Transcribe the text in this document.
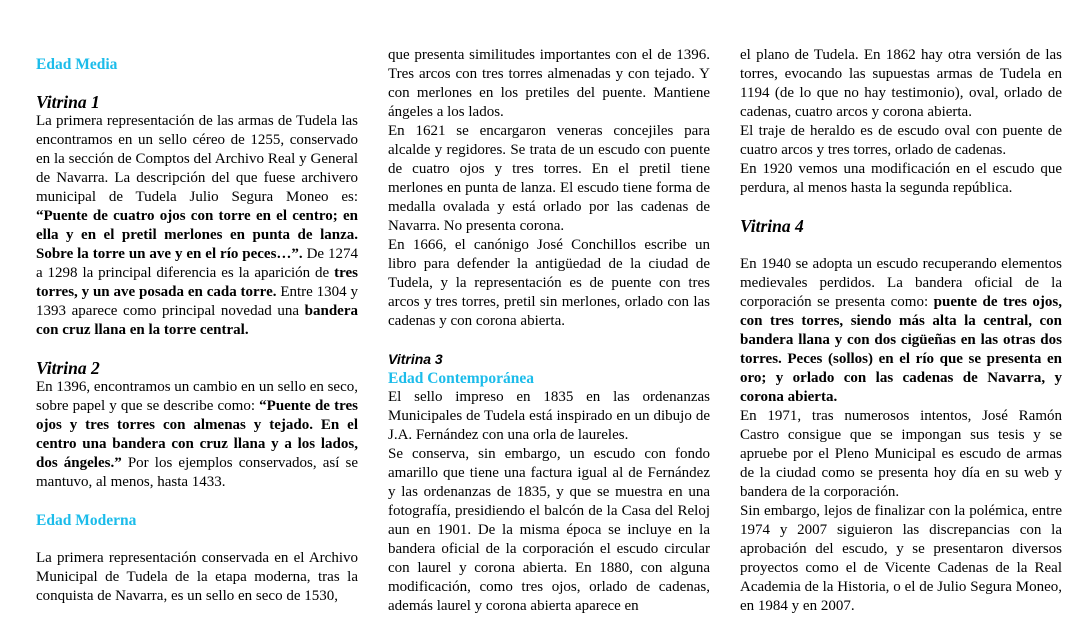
Edad Media
Vitrina 1

La primera representación de las armas de Tudela las encontramos en un sello céreo de 1255, conservado en la sección de Comptos del Archivo Real y General de Navarra. La descripción del que fuese archivero municipal de Tudela Julio Segura Moneo es: “Puente de cuatro ojos con torre en el centro; en ella y en el pretil merlones en punta de lanza. Sobre la torre un ave y en el río peces…”. De 1274 a 1298 la principal diferencia es la aparición de tres torres, y un ave posada en cada torre. Entre 1304 y 1393 aparece como principal novedad una bandera con cruz llana en la torre central.

Vitrina 2

En 1396, encontramos un cambio en un sello en seco, sobre papel y que se describe como: “Puente de tres ojos y tres torres con almenas y tejado. En el centro una bandera con cruz llana y a los lados, dos ángeles.” Por los ejemplos conservados, así se mantuvo, al menos, hasta 1433.

Edad Moderna

La primera representación conservada en el Archivo Municipal de Tudela de la etapa moderna, tras la conquista de Navarra, es un sello en seco de 1530,

que presenta similitudes importantes con el de 1396. Tres arcos con tres torres almenadas y con tejado. Y con merlones en los pretiles del puente. Mantiene ángeles a los lados.

En 1621 se encargaron veneras concejiles para alcalde y regidores. Se trata de un escudo con puente de cuatro ojos y tres torres. En el pretil tiene merlones en punta de lanza. El escudo tiene forma de medalla ovalada y está orlado por las cadenas de Navarra. No presenta corona.

En 1666, el canónigo José Conchillos escribe un libro para defender la antigüedad de la ciudad de Tudela, y la representación es de puente con tres arcos y tres torres, pretil sin merlones, orlado con las cadenas y con corona abierta.

Vitrina 3
Edad Contemporánea

El sello impreso en 1835 en las ordenanzas Municipales de Tudela está inspirado en un dibujo de J.A. Fernández con una orla de laureles.

Se conserva, sin embargo, un escudo con fondo amarillo que tiene una factura igual al de Fernández y las ordenanzas de 1835, y que se muestra en una fotografía, presidiendo el balcón de la Casa del Reloj aun en 1901. De la misma época se incluye en la bandera oficial de la corporación el escudo circular con laurel y corona abierta. En 1880, con alguna modificación, como tres ojos, orlado de cadenas, además laurel y corona abierta aparece en

el plano de Tudela. En 1862 hay otra versión de las torres, evocando las supuestas armas de Tudela en 1194 (de lo que no hay testimonio), oval, orlado de cadenas, cuatro arcos y corona abierta.

El traje de heraldo es de escudo oval con puente de cuatro arcos y tres torres, orlado de cadenas.

En 1920 vemos una modificación en el escudo que perdura, al menos hasta la segunda república.

Vitrina 4

En 1940 se adopta un escudo recuperando elementos medievales perdidos. La bandera oficial de la corporación se presenta como: puente de tres ojos, con tres torres, siendo más alta la central, con bandera llana y con dos cigüeñas en las otras dos torres. Peces (sollos) en el río que se presenta en oro; y orlado con las cadenas de Navarra, y corona abierta.

En 1971, tras numerosos intentos, José Ramón Castro consigue que se impongan sus tesis y se apruebe por el Pleno Municipal es escudo de armas de la ciudad como se presenta hoy día en su web y bandera de la corporación.

Sin embargo, lejos de finalizar con la polémica, entre 1974 y 2007 siguieron las discrepancias con la aprobación del escudo, y se presentaron diversos proyectos como el de Vicente Cadenas de la Real Academia de la Historia, o el de Julio Segura Moneo, en 1984 y en 2007.
